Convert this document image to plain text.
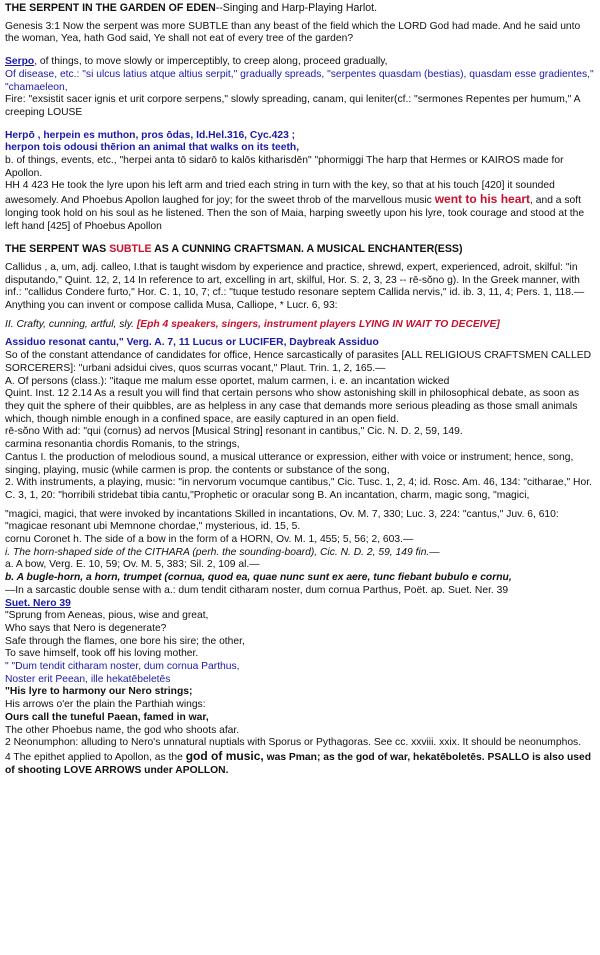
THE SERPENT IN THE GARDEN OF EDEN--Singing and Harp-Playing Harlot.

Genesis 3:1 Now the serpent was more SUBTLE than any beast of the field which the LORD God had made. And he said unto the woman, Yea, hath God said, Ye shall not eat of every tree of the garden?

Serpo, of things, to move slowly or imperceptibly, to creep along, proceed gradually,

Of disease, etc.: "si ulcus latius atque altius serpit," gradually spreads, "serpentes quasdam (bestias), quasdam esse gradientes," "chamaeleon,

Fire: "exsistit sacer ignis et urit corpore serpens," slowly spreading, canam, qui leniter(cf.: "sermones Repentes per humum," A creeping LOUSE

Herpō , herpein es muthon, pros ōdas, Id.Hel.316, Cyc.423 ;

herpon tois odousi thērion an animal that walks on its teeth,

b. of things, events, etc., "herpei anta tō sidarō to kalōs kitharisdēn" "phormiggi The harp that Hermes or KAIROS made for Apollon.

HH 4 423 He took the lyre upon his left arm and tried each string in turn with the key, so that at his touch [420] it sounded awesomely. And Phoebus Apollon laughed for joy; for the sweet throb of the marvellous music went to his heart, and a soft longing took hold on his soul as he listened. Then the son of Maia, harping sweetly upon his lyre, took courage and stood at the left hand [425] of Phoebus Apollon

THE SERPENT WAS SUBTLE AS A CUNNING CRAFTSMAN. A MUSICAL ENCHANTER(ESS)

Callidus , a, um, adj. calleo, I.that is taught wisdom by experience and practice, shrewd, expert, experienced, adroit, skilful: "in disputando," Quint. 12, 2, 14 In reference to art, excelling in art, skilful, Hor. S. 2, 3, 23 -- rē-sŏno g). In the Greek manner, with inf.: "callidus Condere furto," Hor. C. 1, 10, 7; cf.: "tuque testudo resonare septem Callida nervis," id. ib. 3, 11, 4; Pers. 1, 118.— Anything you can invent or compose callida Musa, Calliope, * Lucr. 6, 93:

II. Crafty, cunning, artful, sly. [Eph 4 speakers, singers, instrument players LYING IN WAIT TO DECEIVE]

Assiduo resonat cantu," Verg. A. 7, 11 Lucus or LUCIFER, Daybreak Assiduo

So of the constant attendance of candidates for office, Hence sarcastically of parasites [ALL RELIGIOUS CRAFTSMEN CALLED SORCERERS]: "urbani adsidui cives, quos scurras vocant," Plaut. Trin. 1, 2, 165.—

A. Of persons (class.): "itaque me malum esse oportet, malum carmen, i. e. an incantation wicked

Quint. Inst. 12 2.14 As a result you will find that certain persons who show astonishing skill in philosophical debate, as soon as they quit the sphere of their quibbles, are as helpless in any case that demands more serious pleading as those small animals which, though nimble enough in a confined space, are easily captured in an open field.

rē-sŏno With ad: "qui (cornus) ad nervos [Musical String] resonant in cantibus," Cic. N. D. 2, 59, 149.

carmina resonantia chordis Romanis, to the strings,

Cantus I. the production of melodious sound, a musical utterance or expression, either with voice or instrument; hence, song, singing, playing, music (while carmen is prop. the contents or substance of the song,

2. With instruments, a playing, music: "in nervorum vocumque cantibus," Cic. Tusc. 1, 2, 4; id. Rosc. Am. 46, 134: "citharae," Hor. C. 3, 1, 20: "horribili stridebat tibia cantu,"Prophetic or oracular song B. An incantation, charm, magic song, "magici,

"magici, magici, that were invoked by incantations Skilled in incantations, Ov. M. 7, 330; Luc. 3, 224: "cantus," Juv. 6, 610: "magicae resonant ubi Memnone chordae," mysterious, id. 15, 5.

cornu Coronet h. The side of a bow in the form of a HORN, Ov. M. 1, 455; 5, 56; 2, 603.—

i. The horn-shaped side of the CITHARA (perh. the sounding-board), Cic. N. D. 2, 59, 149 fin.—

a. A bow, Verg. E. 10, 59; Ov. M. 5, 383; Sil. 2, 109 al.—

b. A bugle-horn, a horn, trumpet (cornua, quod ea, quae nunc sunt ex aere, tunc fiebant bubulo e cornu,

—In a sarcastic double sense with a.: dum tendit citharam noster, dum cornua Parthus, Poët. ap. Suet. Ner. 39

Suet. Nero 39

"Sprung from Aeneas, pious, wise and great,

Who says that Nero is degenerate?

Safe through the flames, one bore his sire; the other,

To save himself, took off his loving mother.

" "Dum tendit citharam noster, dum cornua Parthus,

Noster erit Peean, ille hekatēbeletēs

"His lyre to harmony our Nero strings;

His arrows o'er the plain the Parthiah wings:

Ours call the tuneful Paean, famed in war,

The other Phoebus name, the god who shoots afar.

2 Neonumphon: alluding to Nero's unnatural nuptials with Sporus or Pythagoras. See cc. xxviii. xxix. It should be neonumphos.
4 The epithet applied to Apollon, as the god of music, was Pman; as the god of war, hekatēboletēs. PSALLO is also used of shooting LOVE ARROWS under APOLLON.
